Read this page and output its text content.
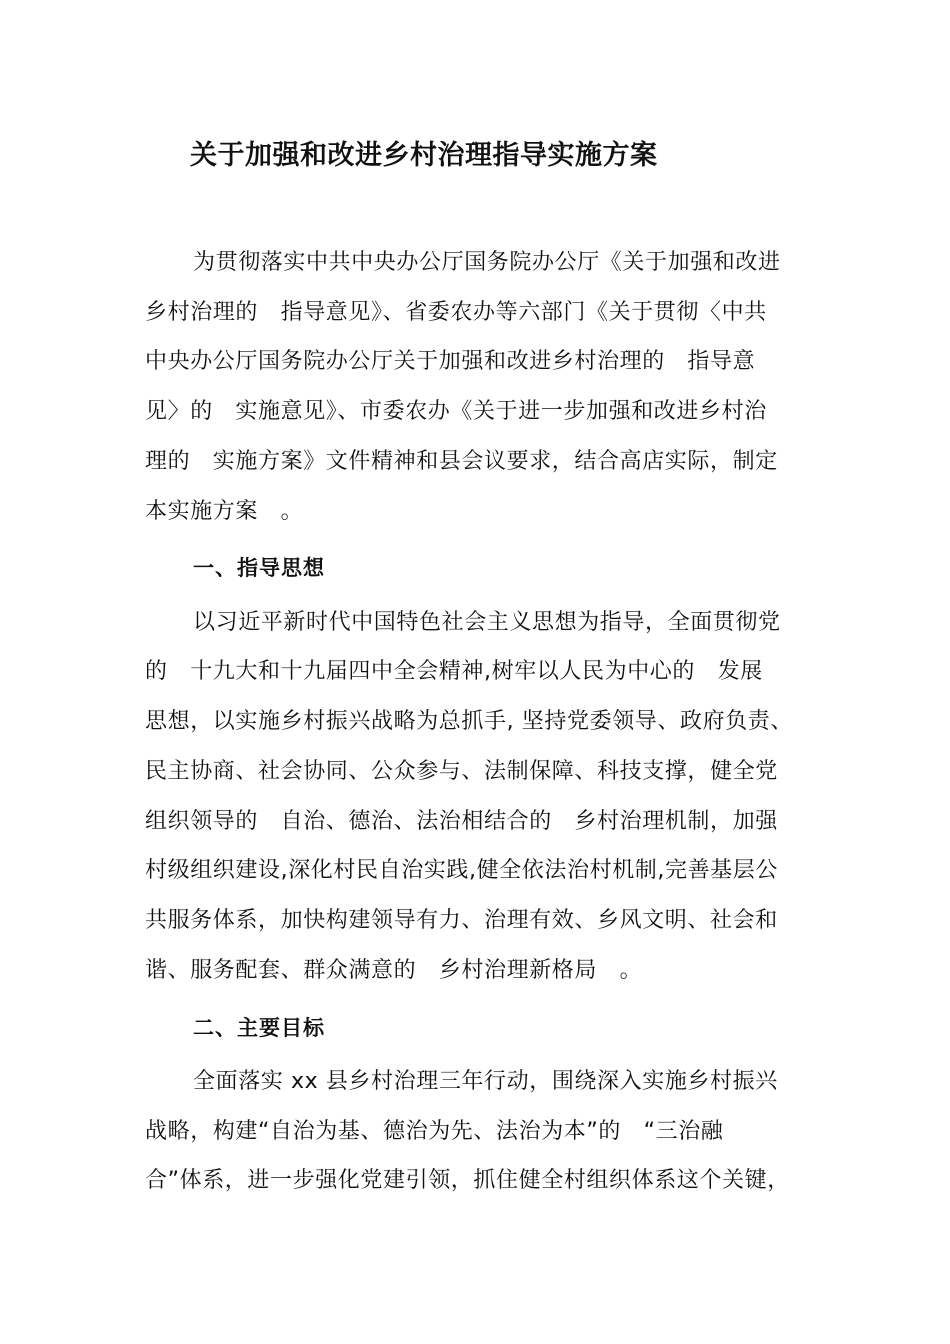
关于加强和改进乡村治理指导实施方案
为贯彻落实中共中央办公厅国务院办公厅《关于加强和改进
乡村治理的　指导意见》、省委农办等六部门《关于贯彻〈中共
中央办公厅国务院办公厅关于加强和改进乡村治理的　指导意
见〉的　实施意见》、市委农办《关于进一步加强和改进乡村治
理的　实施方案》文件精神和县会议要求，结合高店实际，制定
本实施方案　。
一、指导思想
以习近平新时代中国特色社会主义思想为指导，全面贯彻党
的　十九大和十九届四中全会精神,树牢以人民为中心的　发展
思想，以实施乡村振兴战略为总抓手, 坚持党委领导、政府负责、
民主协商、社会协同、公众参与、法制保障、科技支撑，健全党
组织领导的　自治、德治、法治相结合的　乡村治理机制，加强
村级组织建设,深化村民自治实践,健全依法治村机制,完善基层公
共服务体系，加快构建领导有力、治理有效、乡风文明、社会和
谐、服务配套、群众满意的　乡村治理新格局　。
二、主要目标
全面落实 xx 县乡村治理三年行动，围绕深入实施乡村振兴
战略，构建“自治为基、德治为先、法治为本”的　“三治融
合”体系，进一步强化党建引领，抓住健全村组织体系这个关键，
